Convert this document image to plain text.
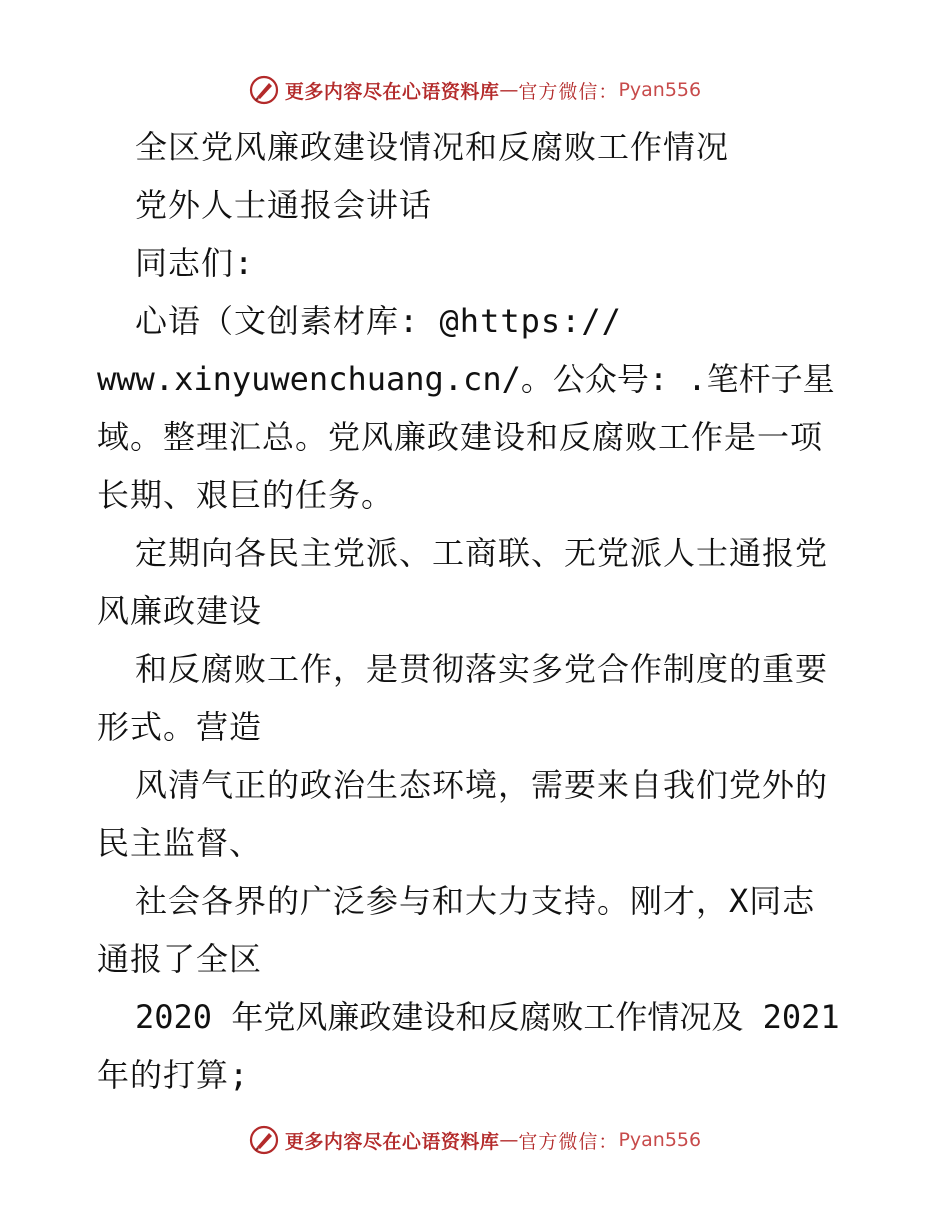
更多内容尽在心语资料库 — 官方微信： Pyan556
全区党风廉政建设情况和反腐败工作情况
党外人士通报会讲话
同志们:
心语（文创素材库: @https://
www.xinyuwenchuang.cn/。公众号: .笔杆子星
域。整理汇总。党风廉政建设和反腐败工作是一项
长期、艰巨的任务。
定期向各民主党派、工商联、无党派人士通报党
风廉政建设
和反腐败工作，是贯彻落实多党合作制度的重要
形式。营造
风清气正的政治生态环境，需要来自我们党外的
民主监督、
社会各界的广泛参与和大力支持。刚才，X同志
通报了全区
2020 年党风廉政建设和反腐败工作情况及 2021
年的打算;
更多内容尽在心语资料库 — 官方微信： Pyan556
